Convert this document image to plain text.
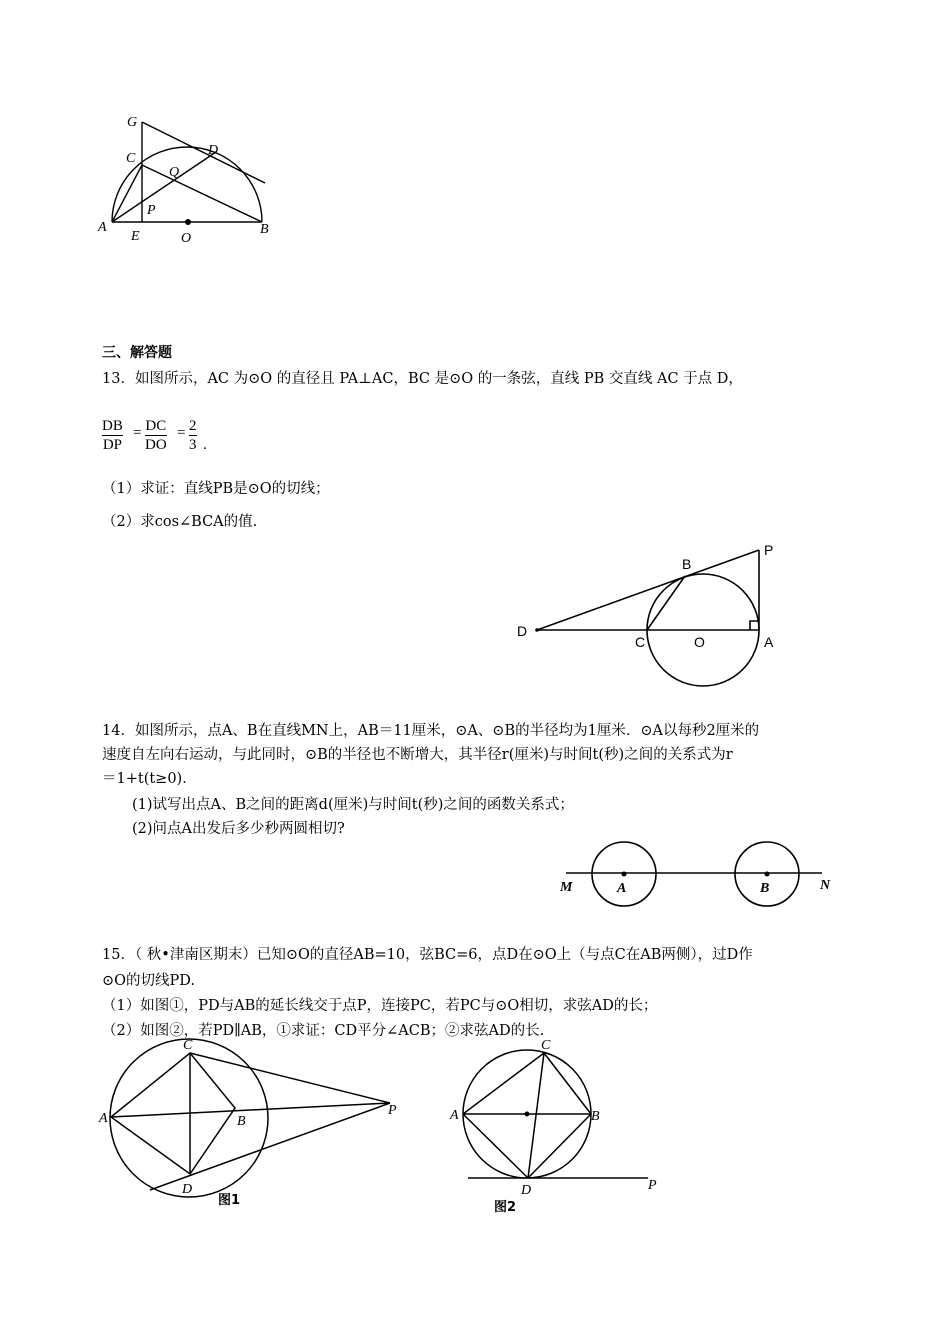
G
C
D
Q
P
A
E	O
B
三、解答题
13．如图所示，AC 为⊙O 的直径且 PA⊥AC，BC 是⊙O 的一条弦，直线 PB 交直线 AC 于点 D，
DB
DP
= DC
DO
= 2
3 .
（1）求证：直线PB是⊙O的切线；
（2）求cos∠BCA的值.
B
P
D
C	O	A
14．如图所示，点A、B在直线MN上，AB＝11厘米，⊙A、⊙B的半径均为1厘米．⊙A以每秒2厘米的
速度自左向右运动，与此同时，⊙B的半径也不断增大，其半径r(厘米)与时间t(秒)之间的关系式为r
＝1+t(t≥0)．
(1)试写出点A、B之间的距离d(厘米)与时间t(秒)之间的函数关系式；
(2)问点A出发后多少秒两圆相切?
M	A	B	N
15．（ 秋•津南区期末）已知⊙O的直径AB=10，弦BC=6，点D在⊙O上（与点C在AB两侧），过D作
⊙O的切线PD.
（1）如图①，PD与AB的延长线交于点P，连接PC，若PC与⊙O相切，求弦AD的长；
（2）如图②，若PD∥AB，①求证：CD平分∠ACB；②求弦AD的长.
C
A	B
P
D
图1
C
A	B
D	P
图2
